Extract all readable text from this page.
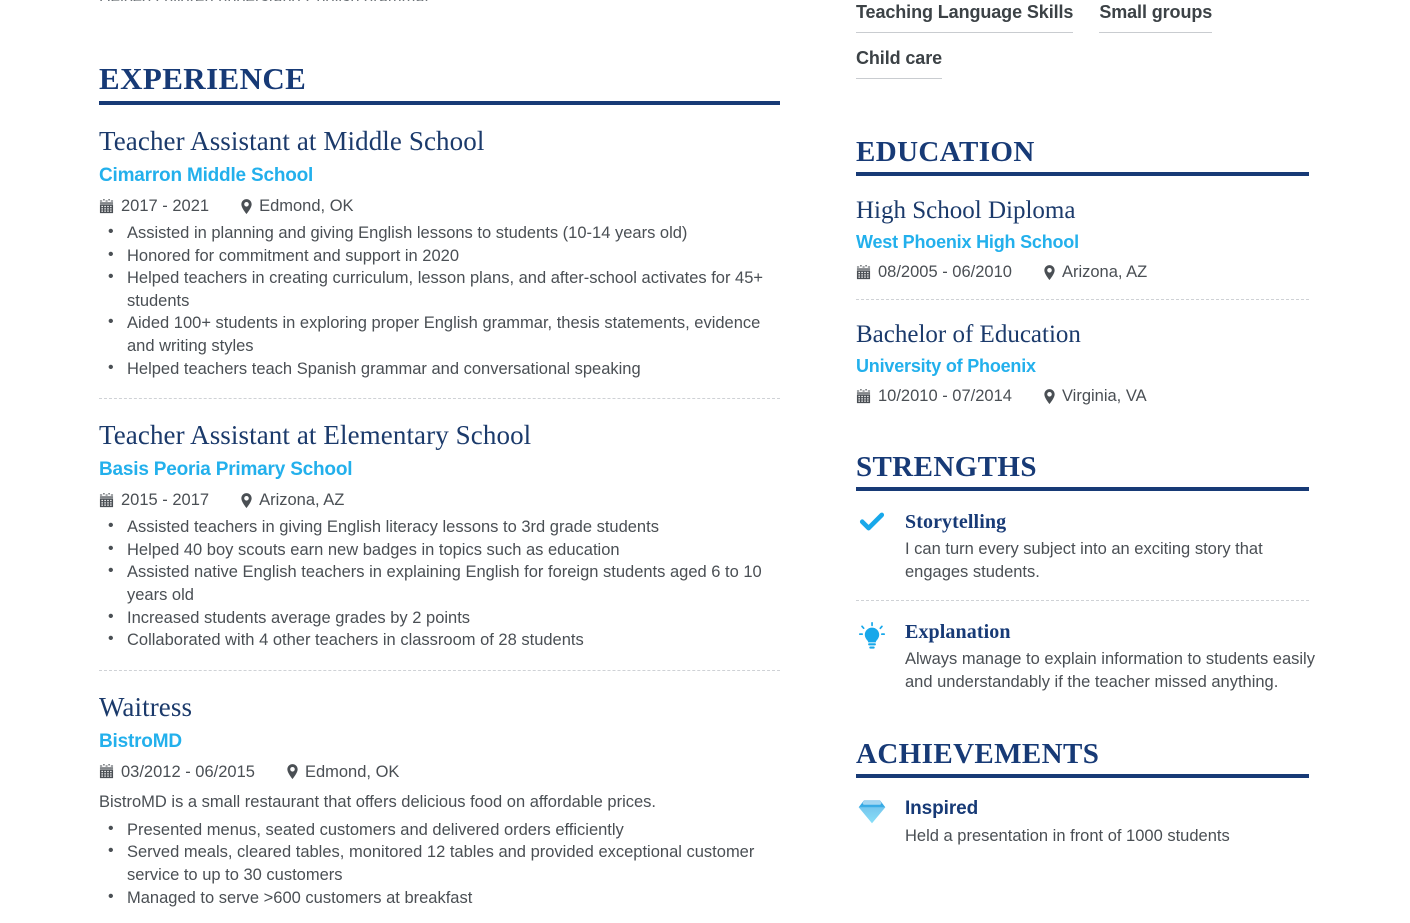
EXPERIENCE
Teacher Assistant at Middle School
Cimarron Middle School
2017 - 2021	Edmond, OK
• Assisted in planning and giving English lessons to students (10-14 years old)
• Honored for commitment and support in 2020
• Helped teachers in creating curriculum, lesson plans, and after-school activates for 45+ students
• Aided 100+ students in exploring proper English grammar, thesis statements, evidence and writing styles
• Helped teachers teach Spanish grammar and conversational speaking
Teacher Assistant at Elementary School
Basis Peoria Primary School
2015 - 2017	Arizona, AZ
• Assisted teachers in giving English literacy lessons to 3rd grade students
• Helped 40 boy scouts earn new badges in topics such as education
• Assisted native English teachers in explaining English for foreign students aged 6 to 10 years old
• Increased students average grades by 2 points
• Collaborated with 4 other teachers in classroom of 28 students
Waitress
BistroMD
03/2012 - 06/2015	Edmond, OK
BistroMD is a small restaurant that offers delicious food on affordable prices.
• Presented menus, seated customers and delivered orders efficiently
• Served meals, cleared tables, monitored 12 tables and provided exceptional customer service to up to 30 customers
• Managed to serve >600 customers at breakfast
Teaching Language Skills Small groups
Child care
EDUCATION
High School Diploma
West Phoenix High School
08/2005 - 06/2010	Arizona, AZ
Bachelor of Education
University of Phoenix
10/2010 - 07/2014	Virginia, VA
STRENGTHS
Storytelling
I can turn every subject into an exciting story that engages students.
Explanation
Always manage to explain information to students easily and understandably if the teacher missed anything.
ACHIEVEMENTS
Inspired
Held a presentation in front of 1000 students
